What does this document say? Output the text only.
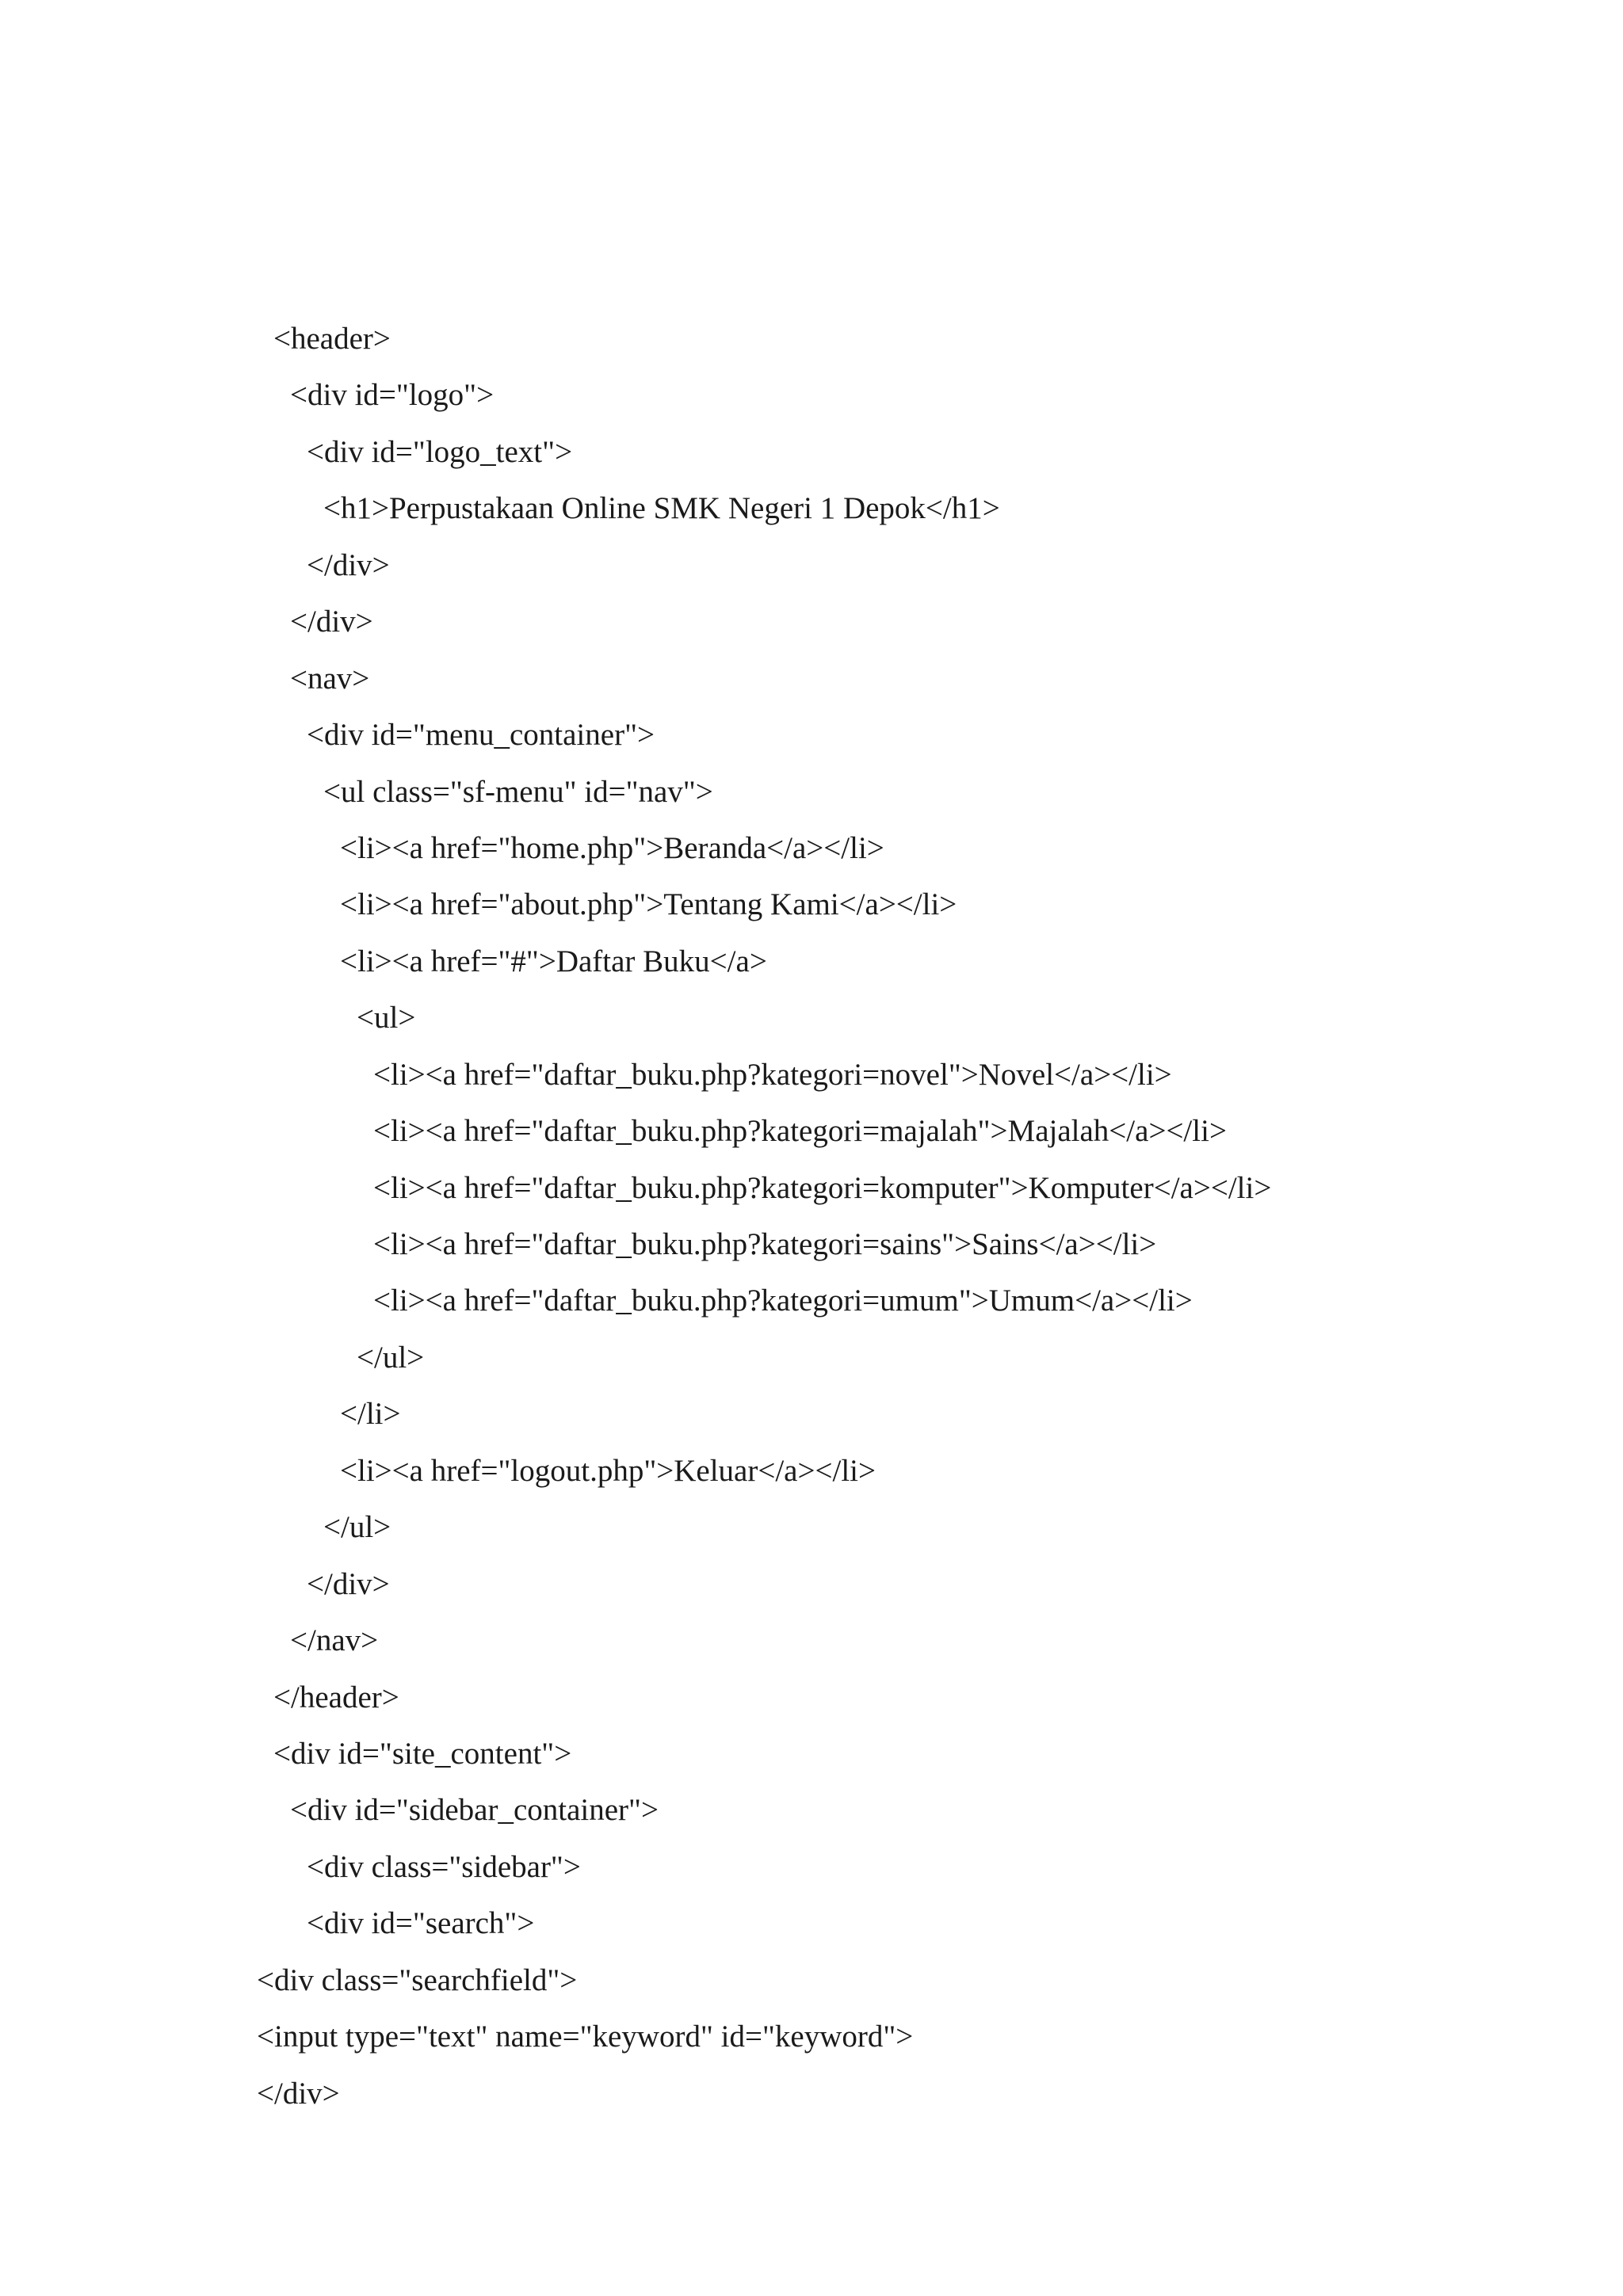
<header>
<div id="logo">
<div id="logo_text">
<h1>Perpustakaan Online SMK Negeri 1 Depok</h1>
</div>
</div>
<nav>
<div id="menu_container">
<ul class="sf-menu" id="nav">
<li><a href="home.php">Beranda</a></li>
<li><a href="about.php">Tentang Kami</a></li>
<li><a href="#">Daftar Buku</a>
<ul>
<li><a href="daftar_buku.php?kategori=novel">Novel</a></li>
<li><a href="daftar_buku.php?kategori=majalah">Majalah</a></li>
<li><a href="daftar_buku.php?kategori=komputer">Komputer</a></li>
<li><a href="daftar_buku.php?kategori=sains">Sains</a></li>
<li><a href="daftar_buku.php?kategori=umum">Umum</a></li>
</ul>
</li>
<li><a href="logout.php">Keluar</a></li>
</ul>
</div>
</nav>
</header>
<div id="site_content">
<div id="sidebar_container">
<div class="sidebar">
<div id="search">
<div class="searchfield">
<input type="text" name="keyword" id="keyword">
</div>
